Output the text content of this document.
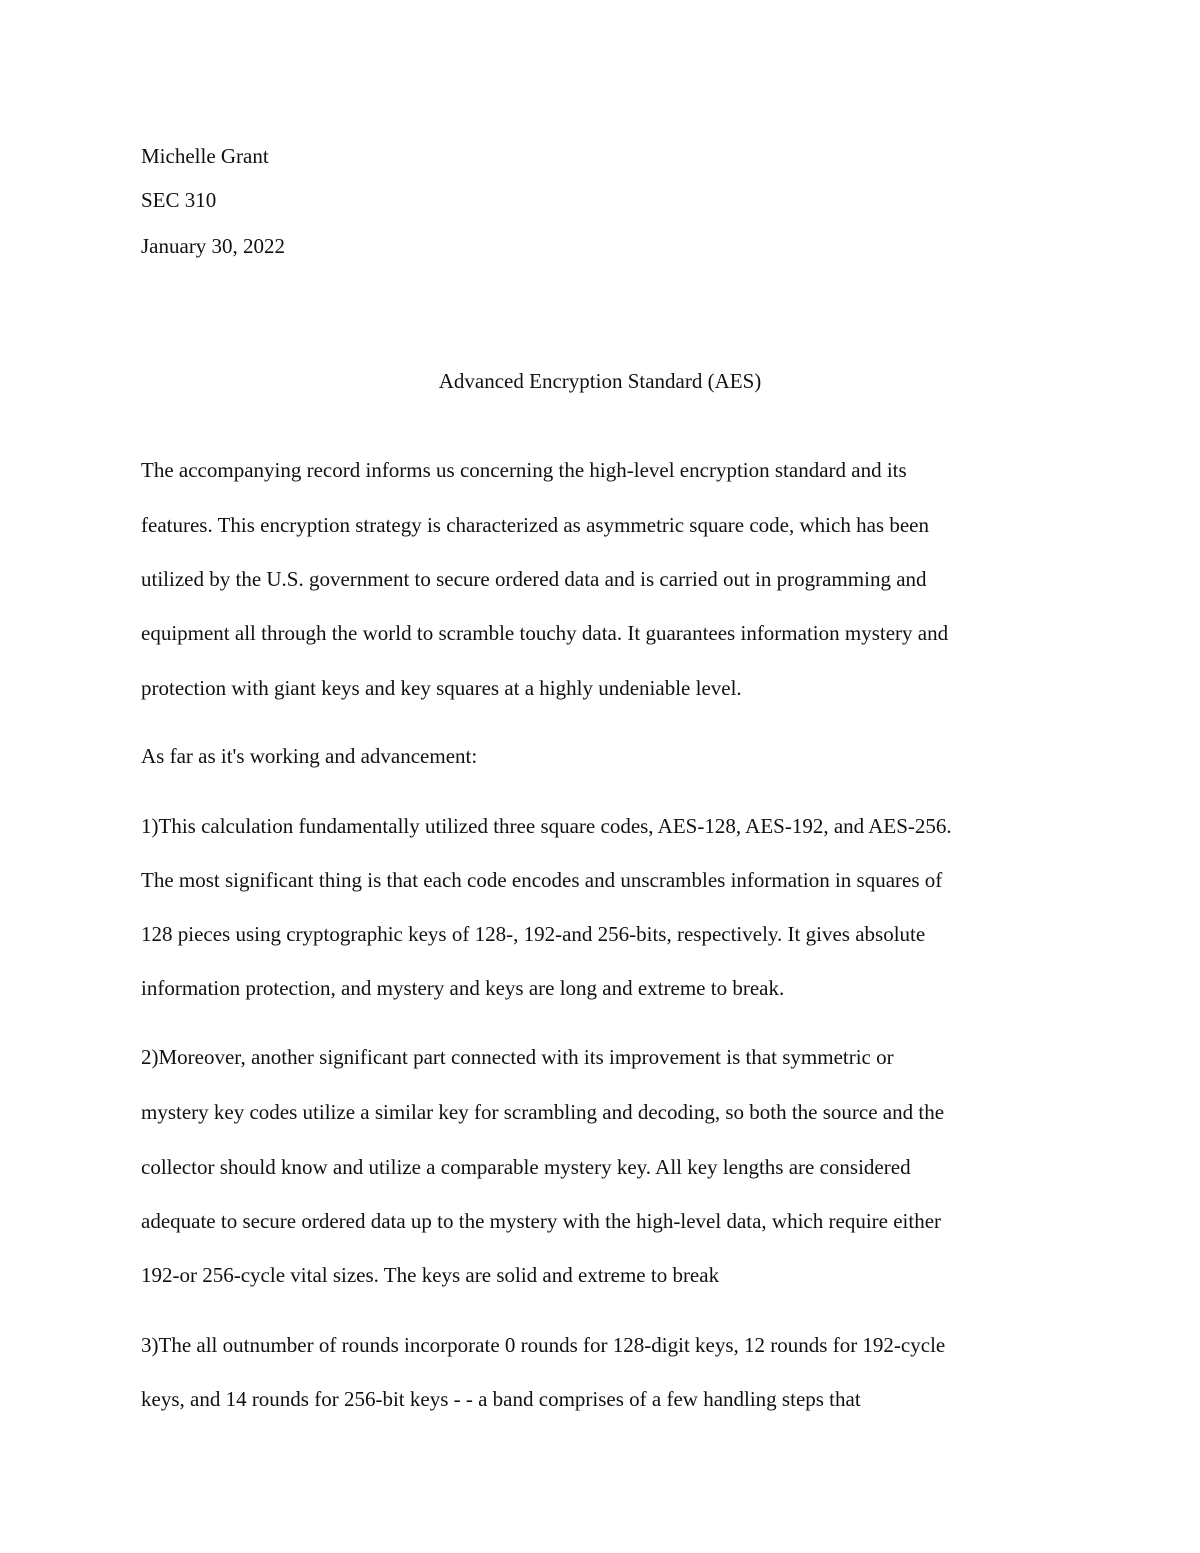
Michelle Grant
SEC 310
January 30, 2022
Advanced Encryption Standard (AES)
The accompanying record informs us concerning the high-level encryption standard and its
features. This encryption strategy is characterized as asymmetric square code, which has been
utilized by the U.S. government to secure ordered data and is carried out in programming and
equipment all through the world to scramble touchy data. It guarantees information mystery and
protection with giant keys and key squares at a highly undeniable level.
As far as it's working and advancement:
1)This calculation fundamentally utilized three square codes, AES-128, AES-192, and AES-256.
The most significant thing is that each code encodes and unscrambles information in squares of
128 pieces using cryptographic keys of 128-, 192-and 256-bits, respectively. It gives absolute
information protection, and mystery and keys are long and extreme to break.
2)Moreover, another significant part connected with its improvement is that symmetric or
mystery key codes utilize a similar key for scrambling and decoding, so both the source and the
collector should know and utilize a comparable mystery key. All key lengths are considered
adequate to secure ordered data up to the mystery with the high-level data, which require either
192-or 256-cycle vital sizes. The keys are solid and extreme to break
3)The all outnumber of rounds incorporate 0 rounds for 128-digit keys, 12 rounds for 192-cycle
keys, and 14 rounds for 256-bit keys - - a band comprises of a few handling steps that
